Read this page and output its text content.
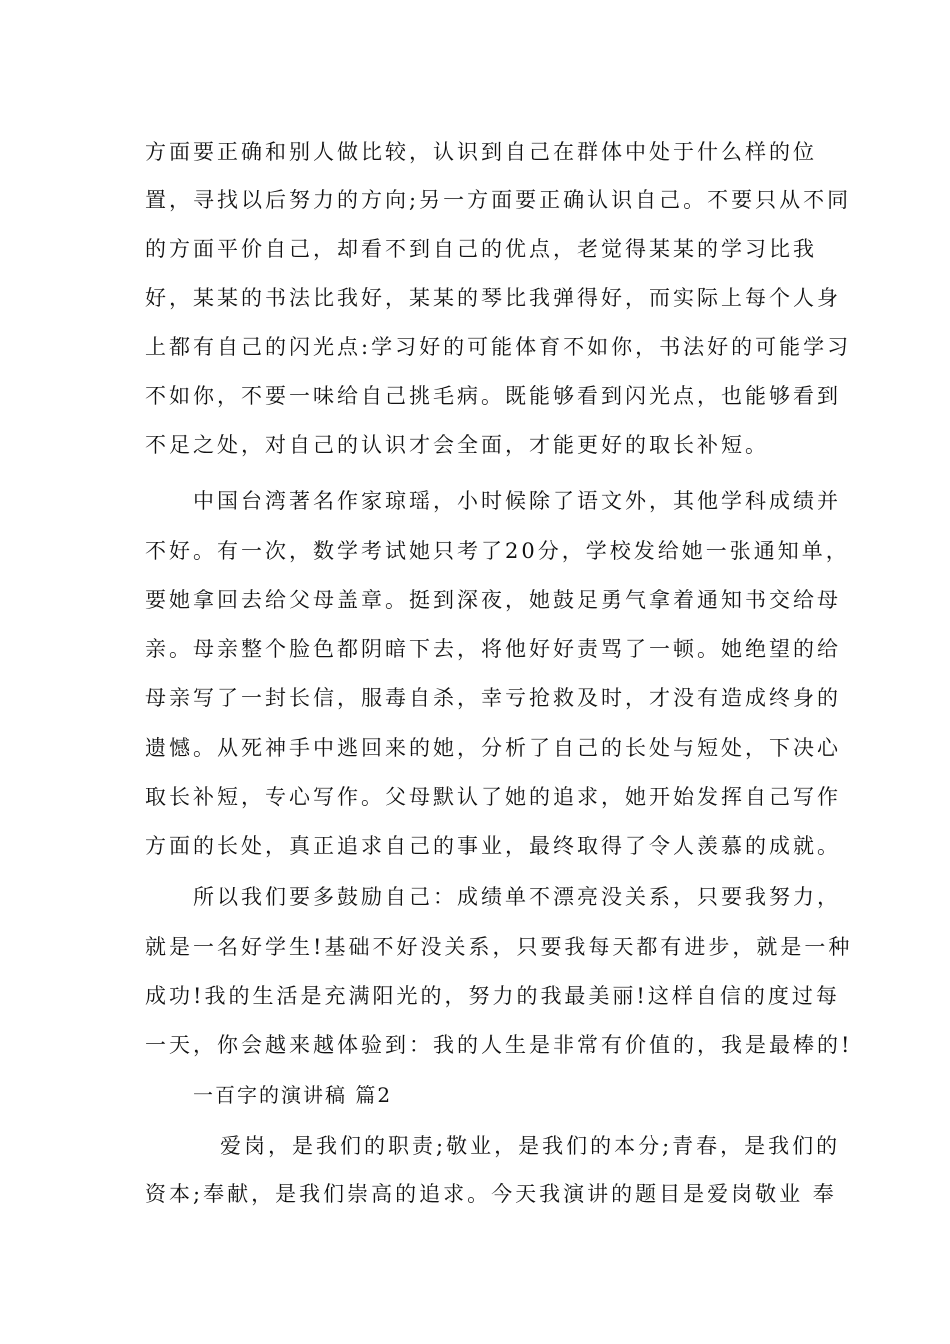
方面要正确和别人做比较，认识到自己在群体中处于什么样的位
置，寻找以后努力的方向;另一方面要正确认识自己。不要只从不同
的方面平价自己，却看不到自己的优点，老觉得某某的学习比我
好，某某的书法比我好，某某的琴比我弹得好，而实际上每个人身
上都有自己的闪光点:学习好的可能体育不如你，书法好的可能学习
不如你，不要一味给自己挑毛病。既能够看到闪光点，也能够看到
不足之处，对自己的认识才会全面，才能更好的取长补短。
中国台湾著名作家琼瑶，小时候除了语文外，其他学科成绩并
不好。有一次，数学考试她只考了20分，学校发给她一张通知单，
要她拿回去给父母盖章。挺到深夜，她鼓足勇气拿着通知书交给母
亲。母亲整个脸色都阴暗下去，将他好好责骂了一顿。她绝望的给
母亲写了一封长信，服毒自杀，幸亏抢救及时，才没有造成终身的
遗憾。从死神手中逃回来的她，分析了自己的长处与短处，下决心
取长补短，专心写作。父母默认了她的追求，她开始发挥自己写作
方面的长处，真正追求自己的事业，最终取得了令人羡慕的成就。
所以我们要多鼓励自己：成绩单不漂亮没关系，只要我努力，
就是一名好学生!基础不好没关系，只要我每天都有进步，就是一种
成功!我的生活是充满阳光的，努力的我最美丽!这样自信的度过每
一天，你会越来越体验到：我的人生是非常有价值的，我是最棒的!
一百字的演讲稿 篇2
爱岗，是我们的职责;敬业，是我们的本分;青春，是我们的
资本;奉献，是我们崇高的追求。今天我演讲的题目是爱岗敬业 奉
